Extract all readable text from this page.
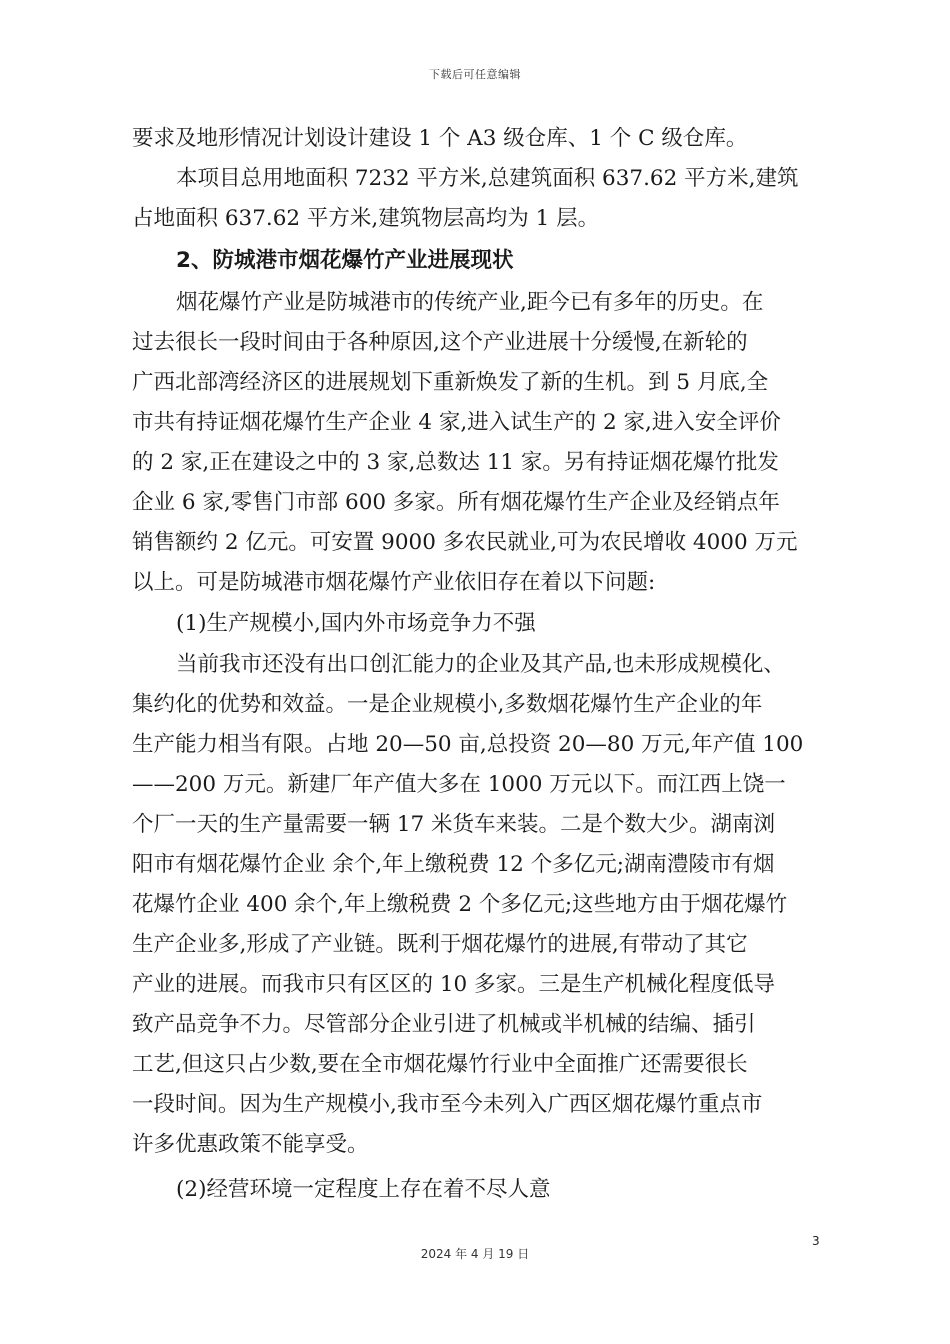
下载后可任意编辑
要求及地形情况计划设计建设 1 个 A3 级仓库、1 个 C 级仓库。
本项目总用地面积 7232 平方米,总建筑面积 637.62 平方米,建筑
占地面积 637.62 平方米,建筑物层高均为 1 层。
2、防城港市烟花爆竹产业进展现状
烟花爆竹产业是防城港市的传统产业,距今已有多年的历史。在
过去很长一段时间由于各种原因,这个产业进展十分缓慢,在新轮的
广西北部湾经济区的进展规划下重新焕发了新的生机。到 5 月底,全
市共有持证烟花爆竹生产企业 4 家,进入试生产的 2 家,进入安全评价
的 2 家,正在建设之中的 3 家,总数达 11 家。另有持证烟花爆竹批发
企业 6 家,零售门市部 600 多家。所有烟花爆竹生产企业及经销点年
销售额约 2 亿元。可安置 9000 多农民就业,可为农民增收 4000 万元
以上。可是防城港市烟花爆竹产业依旧存在着以下问题:
(1)生产规模小,国内外市场竞争力不强
当前我市还没有出口创汇能力的企业及其产品,也未形成规模化、
集约化的优势和效益。一是企业规模小,多数烟花爆竹生产企业的年
生产能力相当有限。占地 20—50 亩,总投资 20—80 万元,年产值 100
——200 万元。新建厂年产值大多在 1000 万元以下。而江西上饶一
个厂一天的生产量需要一辆 17 米货车来装。二是个数大少。湖南浏
阳市有烟花爆竹企业 余个,年上缴税费 12 个多亿元;湖南澧陵市有烟
花爆竹企业 400 余个,年上缴税费 2 个多亿元;这些地方由于烟花爆竹
生产企业多,形成了产业链。既利于烟花爆竹的进展,有带动了其它
产业的进展。而我市只有区区的 10 多家。三是生产机械化程度低导
致产品竞争不力。尽管部分企业引进了机械或半机械的结编、插引
工艺,但这只占少数,要在全市烟花爆竹行业中全面推广还需要很长
一段时间。因为生产规模小,我市至今未列入广西区烟花爆竹重点市
许多优惠政策不能享受。
(2)经营环境一定程度上存在着不尽人意
3
2024 年 4 月 19 日
